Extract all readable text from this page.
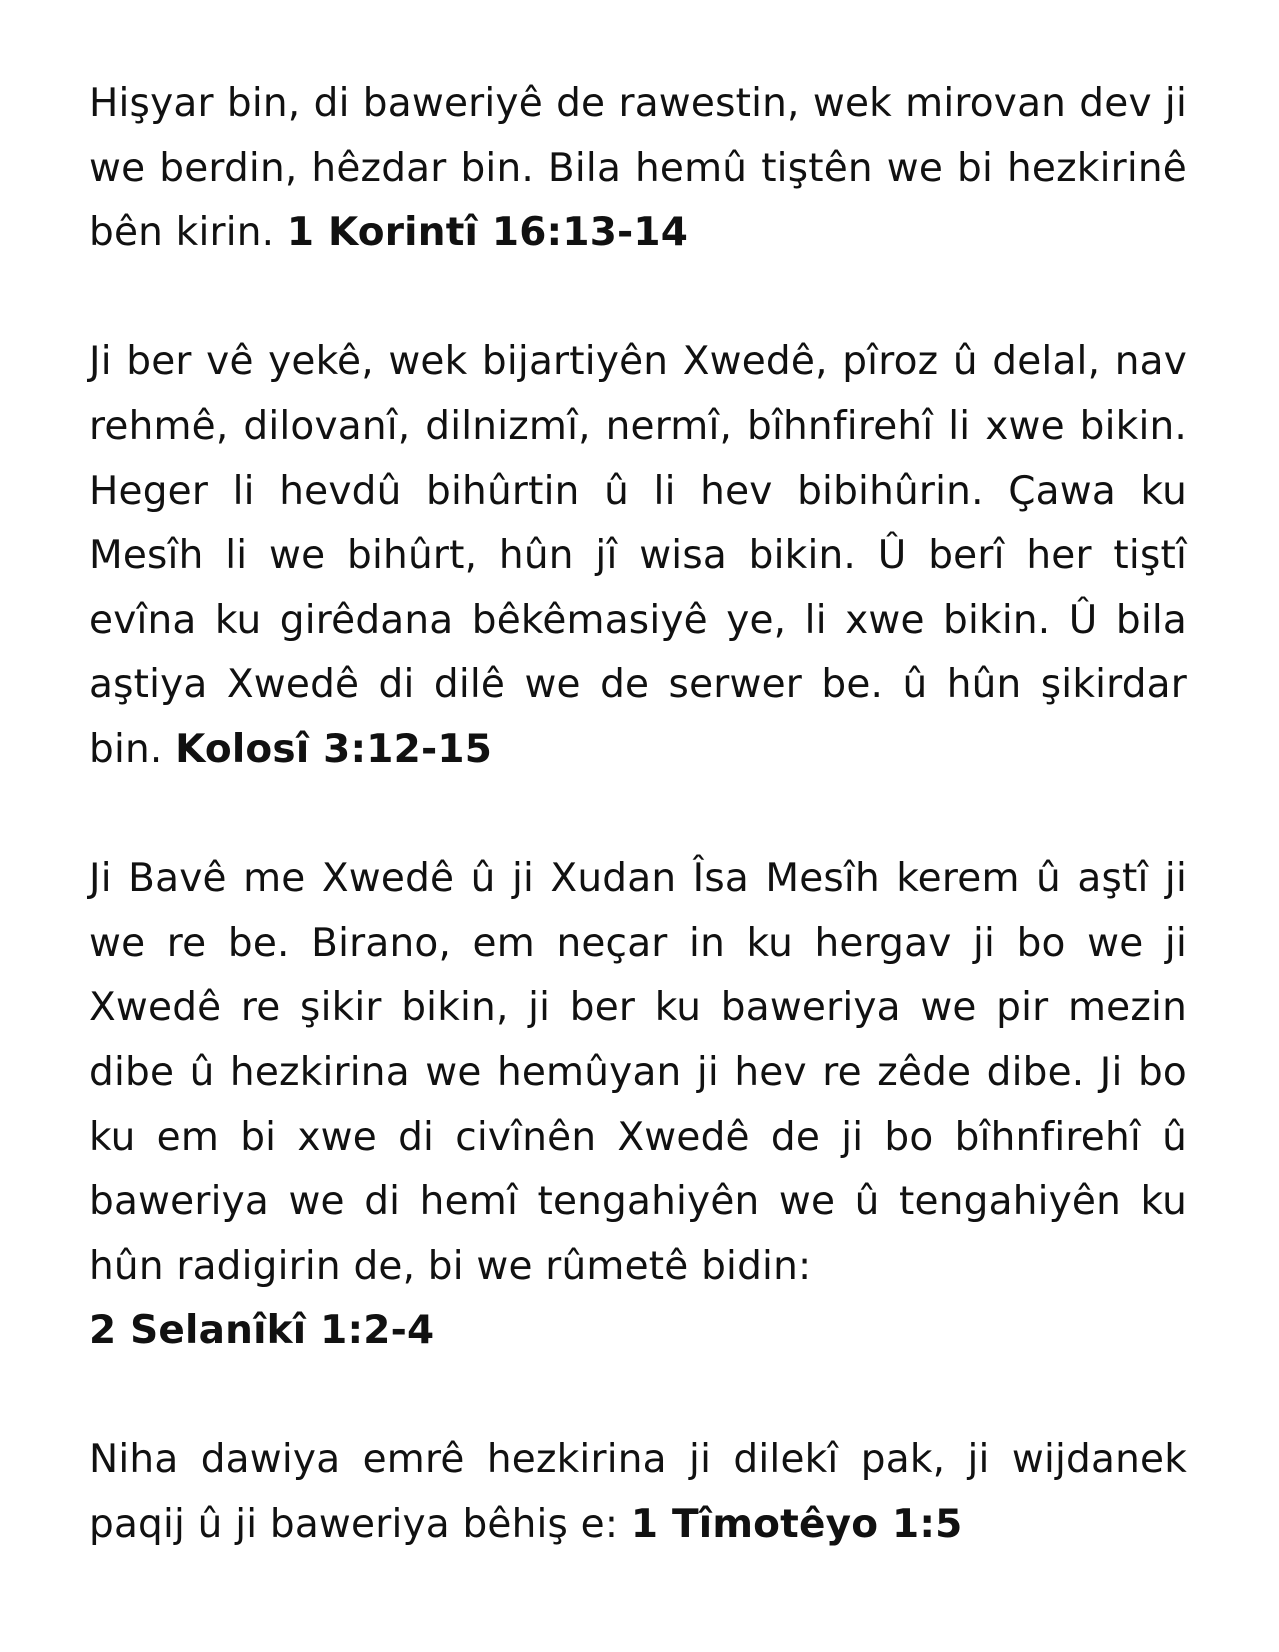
Hişyar bin, di baweriyê de rawestin, wek mirovan dev ji we berdin, hêzdar bin. Bila hemû tiştên we bi hezkirinê bên kirin. 1 Korintî 16:13-14

Ji ber vê yekê, wek bijartiyên Xwedê, pîroz û delal, nav rehmê, dilovanî, dilnizmî, nermî, bîhnfirehî li xwe bikin. Heger li hevdû bihûrtin û li hev bibihûrin. Çawa ku Mesîh li we bihûrt, hûn jî wisa bikin. Û berî her tiştî evîna ku girêdana bêkêmasiyê ye, li xwe bikin. Û bila aştiya Xwedê di dilê we de serwer be. û hûn şikirdar bin. Kolosî 3:12-15

Ji Bavê me Xwedê û ji Xudan Îsa Mesîh kerem û aştî ji we re be. Birano, em neçar in ku hergav ji bo we ji Xwedê re şikir bikin, ji ber ku baweriya we pir mezin dibe û hezkirina we hemûyan ji hev re zêde dibe. Ji bo ku em bi xwe di civînên Xwedê de ji bo bîhnfirehî û baweriya we di hemî tengahiyên we û tengahiyên ku hûn radigirin de, bi we rûmetê bidin:
2 Selanîkî 1:2-4

Niha dawiya emrê hezkirina ji dilekî pak, ji wijdanek paqij û ji baweriya bêhiş e: 1 Tîmotêyo 1:5
